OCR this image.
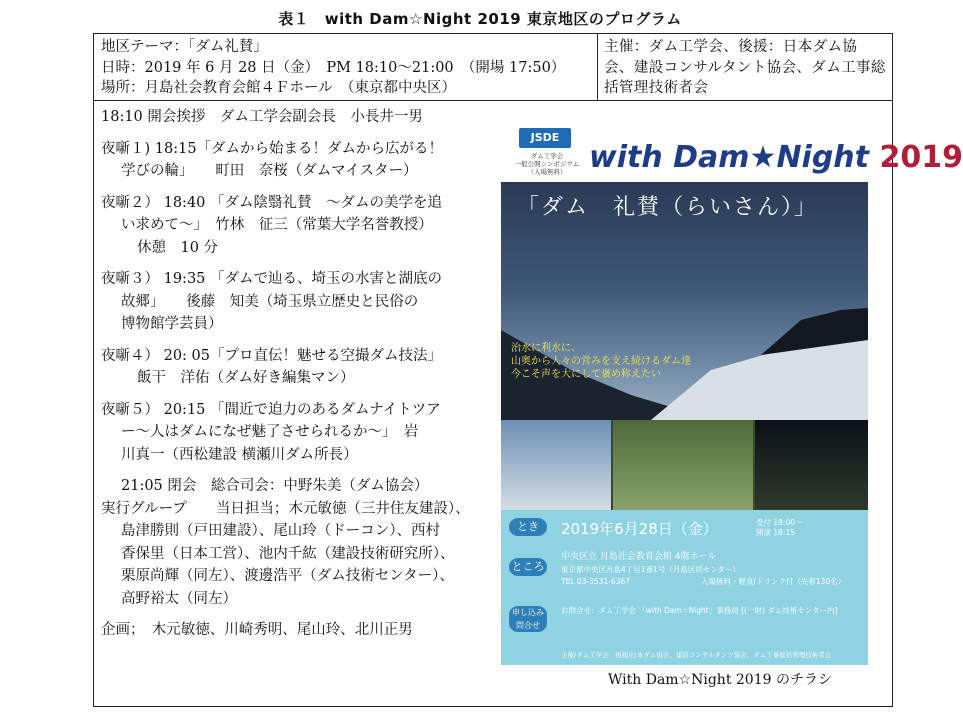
表１　with Dam☆Night 2019 東京地区のプログラム
地区テーマ：「ダム礼賛」
日時：2019 年 6 月 28 日（金）　PM 18:10～21:00　（開場 17:50）
場所：月島社会教育会館４Ｆホール　（東京都中央区）
主催：ダム工学会、後援：日本ダム協会、建設コンサルタント協会、ダム工事総括管理技術者会

18:10 開会挨拶　ダム工学会副会長　小長井一男

夜噺１) 18:15「ダムから始まる！ダムから広がる！

学びの輪」　　町田　奈桜（ダムマイスター）

夜噺２） 18:40 「ダム陰翳礼賛　～ダムの美学を追

い求めて～」　竹林　征三（常葉大学名誉教授）

休憩　10 分

夜噺３） 19:35 「ダムで辿る、埼玉の水害と湖底の

故郷」　　後藤　知美（埼玉県立歴史と民俗の

博物館学芸員）

夜噺４） 20: 05「プロ直伝！魅せる空撮ダム技法」

飯干　洋佑（ダム好き編集マン）

夜噺５） 20:15 「間近で迫力のあるダムナイトツア

ー～人はダムになぜ魅了させられるか～」　岩

川真一（西松建設 横瀬川ダム所長）

21:05 閉会　総合司会：中野朱美（ダム協会）

実行グループ　　当日担当；木元敏徳（三井住友建設）、

島津勝則（戸田建設）、尾山玲（ドーコン）、西村

香保里（日本工営）、池内千紘（建設技術研究所）、

栗原尚輝（同左）、渡邊浩平（ダム技術センター）、

高野裕太（同左）

企画；　木元敏徳、川崎秀明、尾山玲、北川正男

JSDE
ダム工学会
一般公開シンポジウム
（入場無料） with Dam★Night 2019
「ダム　礼賛（らいさん）」
治水に利水に、
山奥から人々の営みを支え続けるダム達
今こそ声を大にして褒め称えたい
とき	2019年6月28日（金）	受付 18:00～
開演 18:15
ところ
中央区立 月島社会教育会館 4階ホール
東京都中央区月島4丁目1番1号（月島区民センター）
TEL 03-3531-6367	入場無料・軽食/ドリンク付（先着130名）
申し込み問合せ
お問合せ：ダム工学会 「with Dam☆Night」事務局 [(一財) ダム技術センター内]
主催/ダム工学会　後援/日本ダム協会、建設コンサルタンツ協会、ダム工事総括管理技術者会
With Dam☆Night 2019 のチラシ
